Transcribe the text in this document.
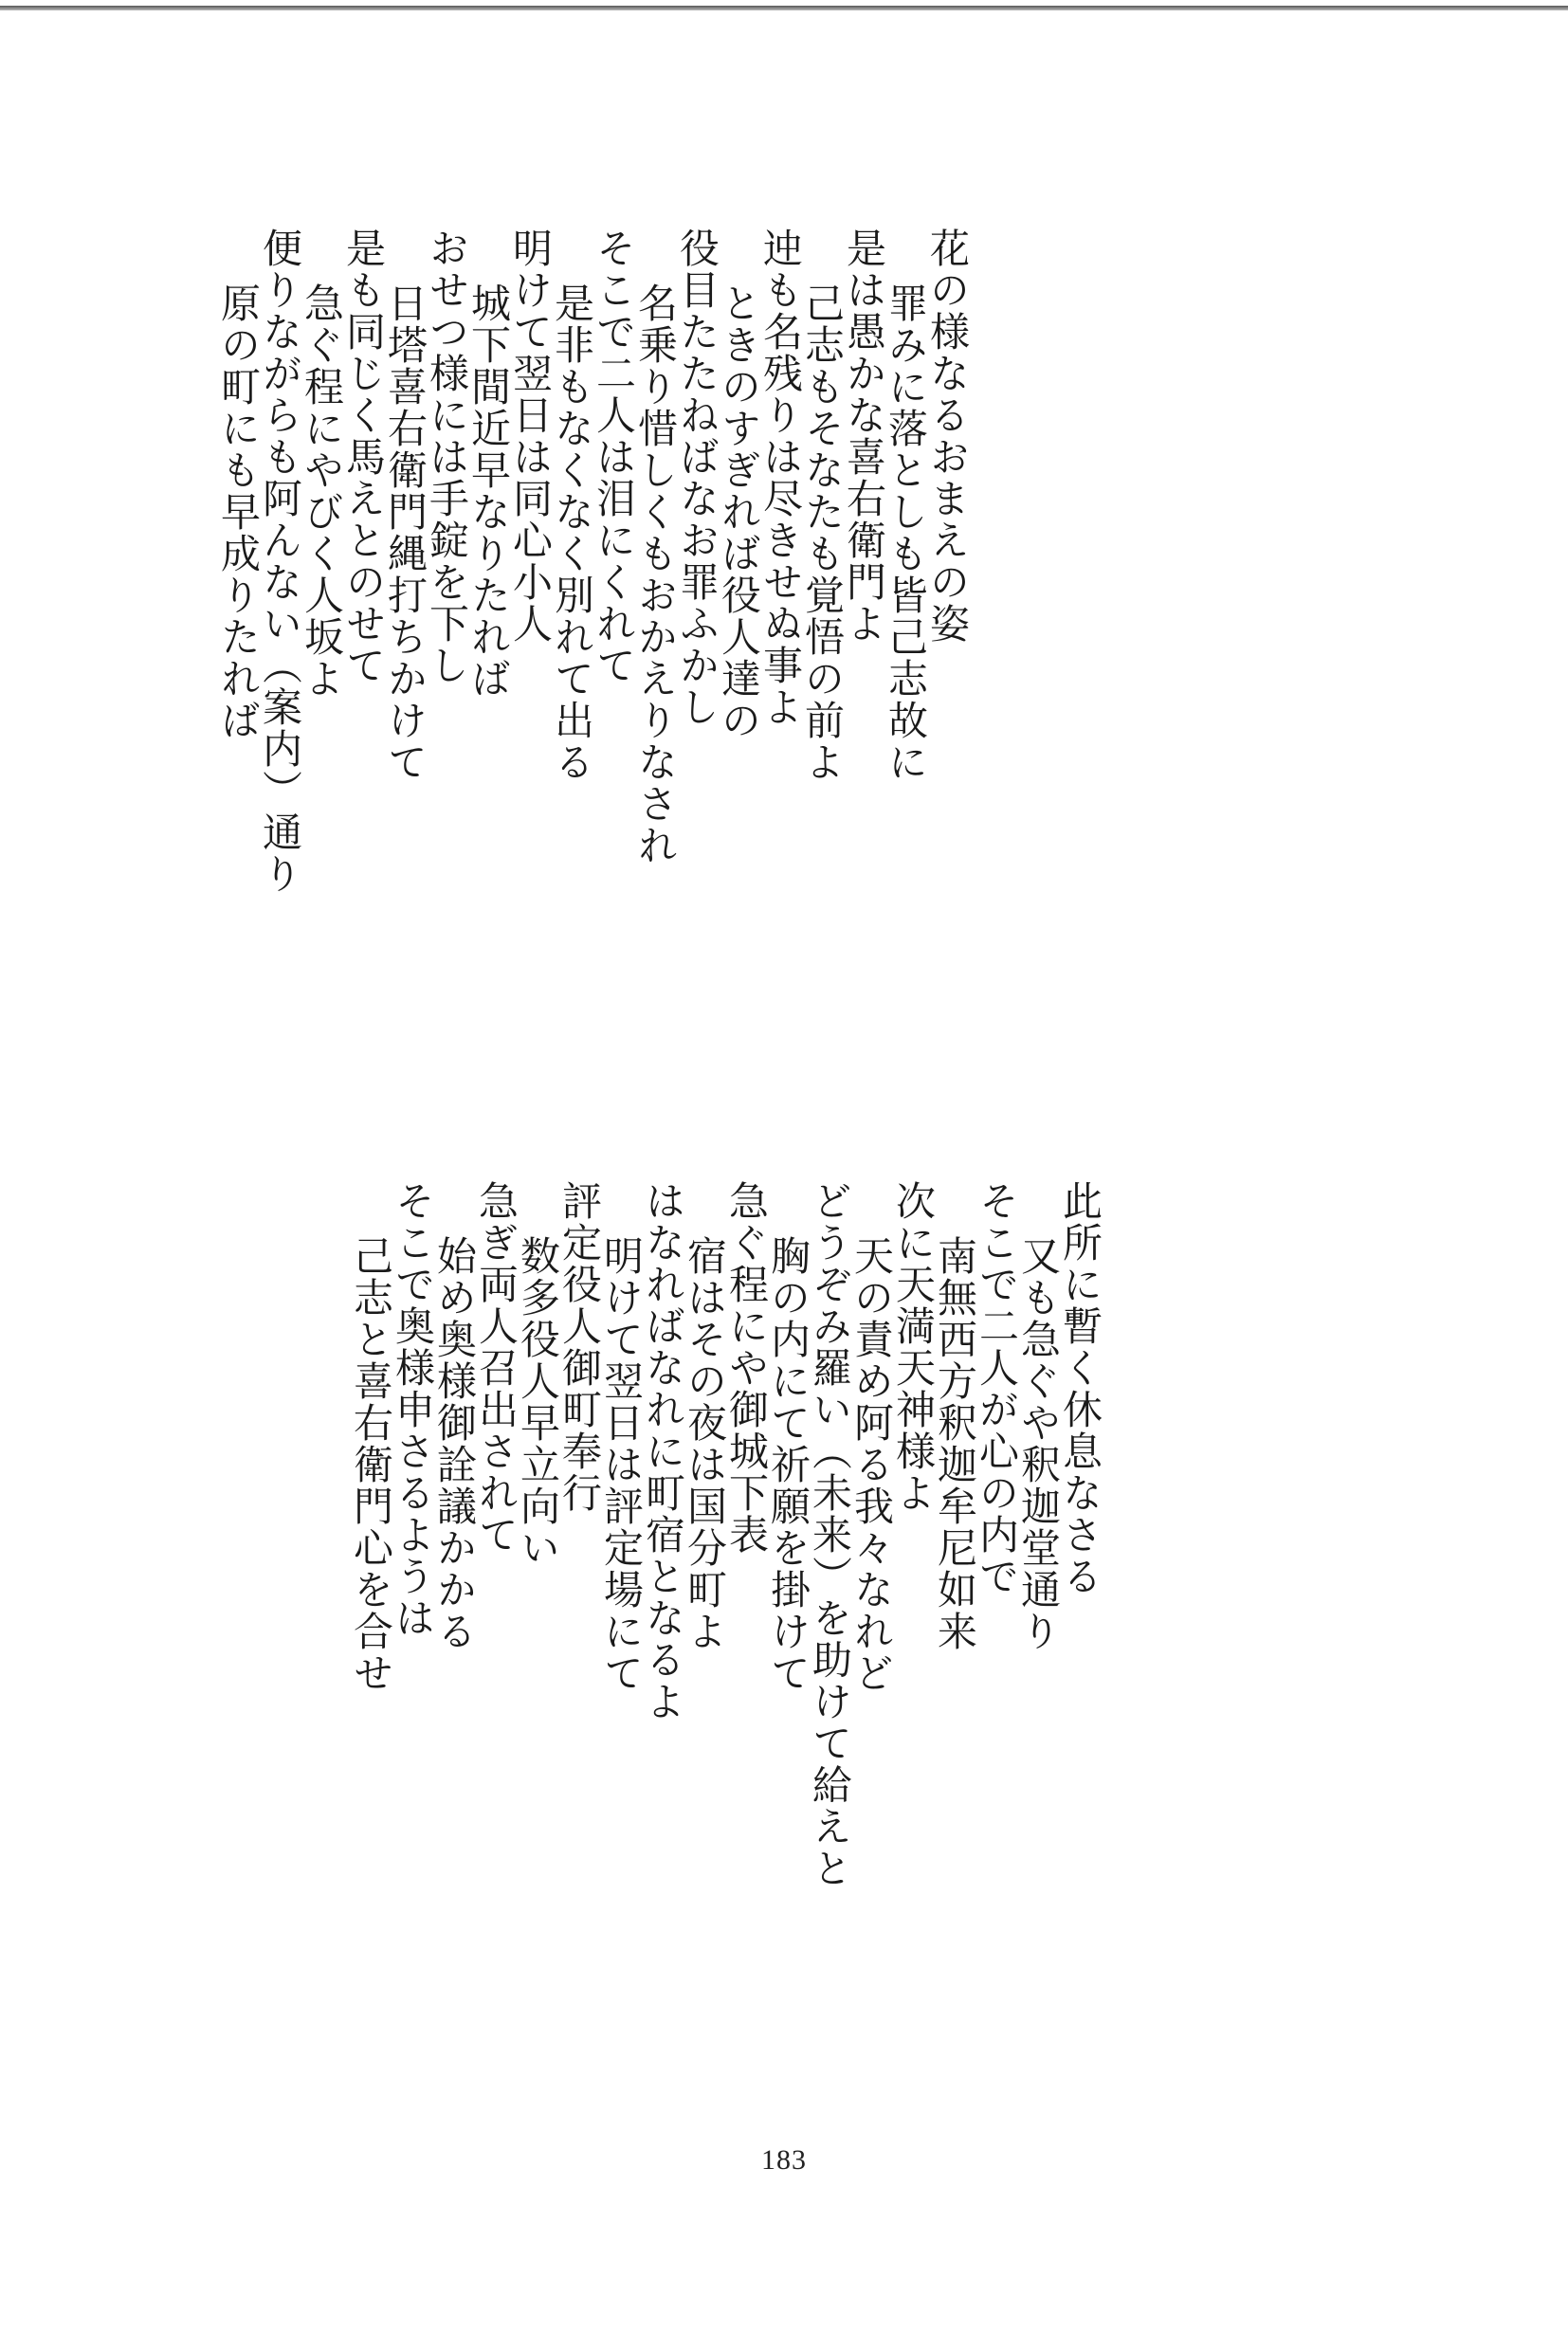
花の様なるおまえの姿
罪みに落としも皆己志故に
是は愚かな喜右衛門よ
己志もそなたも覚悟の前よ
迚も名残りは尽きせぬ事よ
ときのすぎれば役人達の
役目たたねばなお罪ふかし
名乗り惜しくもおかえりなされ
そこで二人は泪にくれて
是非もなくなく別れて出る
明けて翌日は同心小人
城下間近早なりたれば
おせつ様には手錠を下し
日塔喜右衛門縄打ちかけて
是も同じく馬えとのせて
急ぐ程にやびく人坂よ
便りながらも阿んない（案内）通り
原の町にも早成りたれば
此所に暫く休息なさる
又も急ぐや釈迦堂通り
そこで二人が心の内で
南無西方釈迦牟尼如来
次に天満天神様よ
天の責め阿る我々なれど
どうぞみ羅い（未来）を助けて給えと
胸の内にて祈願を掛けて
急ぐ程にや御城下表
宿はその夜は国分町よ
はなればなれに町宿となるよ
明けて翌日は評定場にて
評定役人御町奉行
数多役人早立向い
急ぎ両人召出されて
始め奥様御詮議かかる
そこで奥様申さるようは
己志と喜右衛門心を合せ
183
